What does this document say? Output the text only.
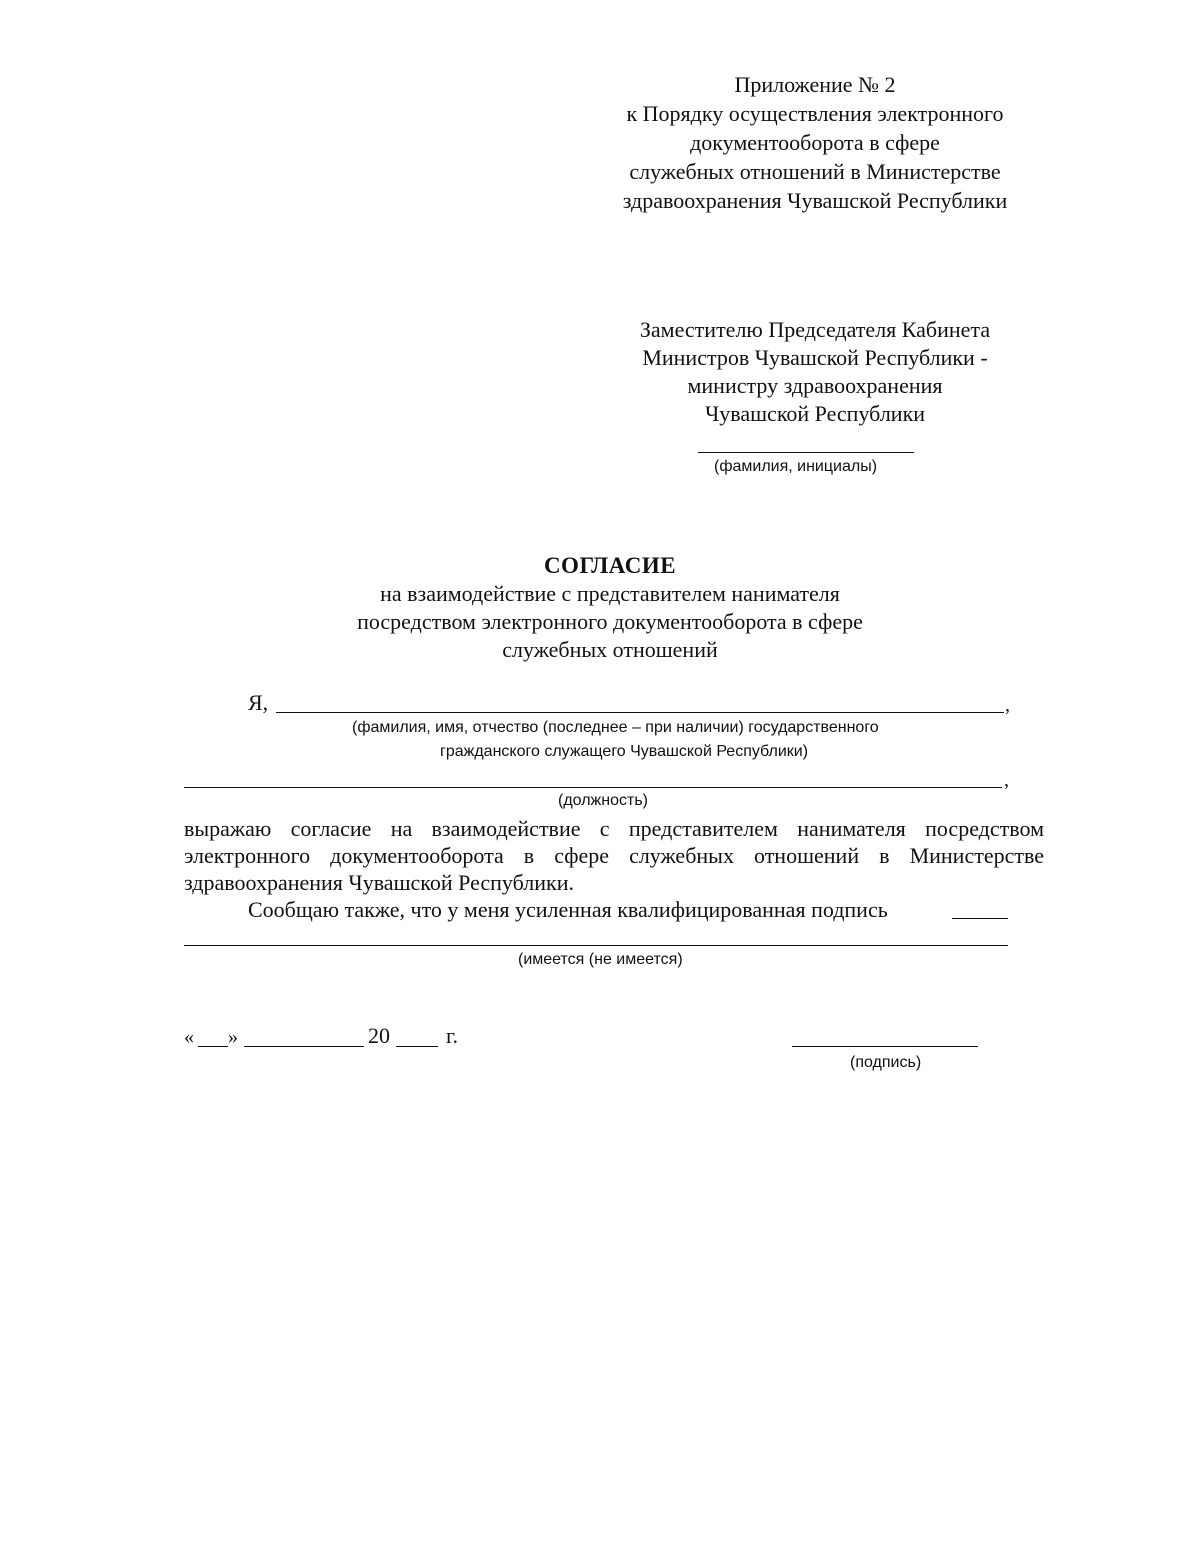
Приложение № 2
к Порядку осуществления электронного
документооборота в сфере
служебных отношений в Министерстве
здравоохранения Чувашской Республики
Заместителю Председателя Кабинета
Министров Чувашской Республики -
министру здравоохранения
Чувашской Республики
(фамилия, инициалы)
СОГЛАСИЕ
на взаимодействие с представителем нанимателя
посредством электронного документооборота в сфере
служебных отношений
Я,	,
(фамилия, имя, отчество (последнее – при наличии) государственного
гражданского служащего Чувашской Республики)
,
(должность)
выражаю согласие на взаимодействие с представителем нанимателя посредством
электронного документооборота в сфере служебных отношений в Министерстве
здравоохранения Чувашской Республики.
Сообщаю также, что у меня усиленная квалифицированная подпись
(имеется (не имеется)
« »	20	г.
(подпись)
